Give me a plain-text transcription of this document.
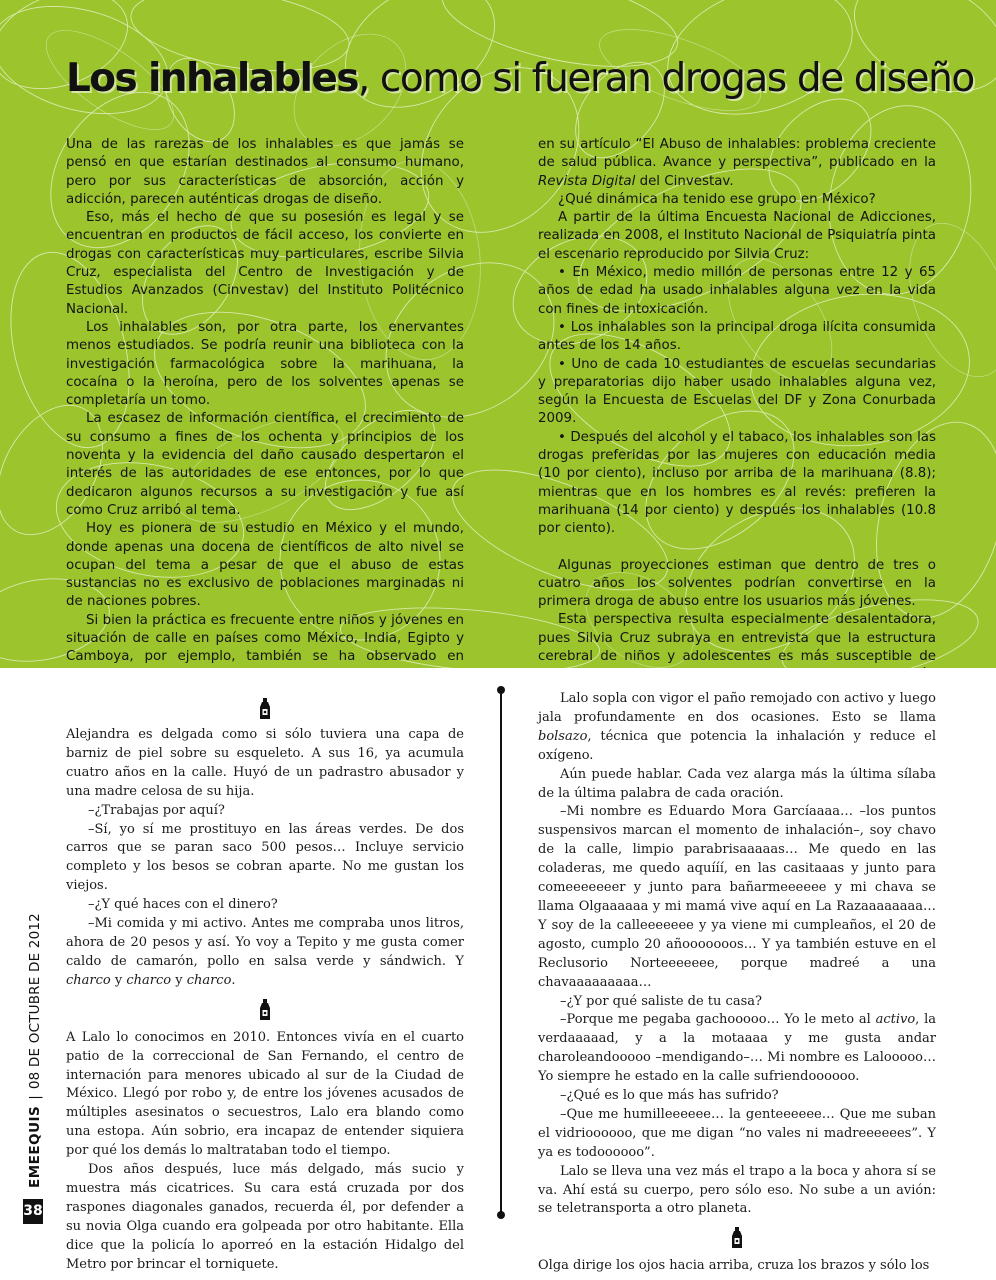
Los inhalables, como si fueran drogas de diseño

Una de las rarezas de los inhalables es que jamás se pensó en que estarían destinados al consumo humano, pero por sus características de absorción, acción y adicción, parecen auténticas drogas de diseño.

Eso, más el hecho de que su posesión es legal y se encuentran en productos de fácil acceso, los convierte en drogas con características muy particulares, escribe Silvia Cruz, especialista del Centro de Investigación y de Estudios Avanzados (Cinvestav) del Instituto Politécnico Nacional.

Los inhalables son, por otra parte, los enervantes menos estudiados. Se podría reunir una biblioteca con la investigación farmacológica sobre la marihuana, la cocaína o la heroína, pero de los solventes apenas se completaría un tomo.

La escasez de información científica, el crecimiento de su consumo a fines de los ochenta y principios de los noventa y la evidencia del daño causado despertaron el interés de las autoridades de ese entonces, por lo que dedicaron algunos recursos a su investigación y fue así como Cruz arribó al tema.

Hoy es pionera de su estudio en México y el mundo, donde apenas una docena de científicos de alto nivel se ocupan del tema a pesar de que el abuso de estas sustancias no es exclusivo de poblaciones marginadas ni de naciones pobres.

Si bien la práctica es frecuente entre niños y jóvenes en situación de calle en países como México, India, Egipto y Camboya, por ejemplo, también se ha observado en

en su artículo “El Abuso de inhalables: problema creciente de salud pública. Avance y perspectiva”, publicado en la Revista Digital del Cinvestav.

¿Qué dinámica ha tenido ese grupo en México?

A partir de la última Encuesta Nacional de Adicciones, realizada en 2008, el Instituto Nacional de Psiquiatría pinta el escenario reproducido por Silvia Cruz:

• En México, medio millón de personas entre 12 y 65 años de edad ha usado inhalables alguna vez en la vida con fines de intoxicación.

• Los inhalables son la principal droga ilícita consumida antes de los 14 años.

• Uno de cada 10 estudiantes de escuelas secundarias y preparatorias dijo haber usado inhalables alguna vez, según la Encuesta de Escuelas del DF y Zona Conurbada 2009.

• Después del alcohol y el tabaco, los inhalables son las drogas preferidas por las mujeres con educación media (10 por ciento), incluso por arriba de la marihuana (8.8); mientras que en los hombres es al revés: prefieren la marihuana (14 por ciento) y después los inhalables (10.8 por ciento).

Algunas proyecciones estiman que dentro de tres o cuatro años los solventes podrían convertirse en la primera droga de abuso entre los usuarios más jóvenes.

Esta perspectiva resulta especialmente desalentadora, pues Silvia Cruz subraya en entrevista que la estructura cerebral de niños y adolescentes es más susceptible de

Alejandra es delgada como si sólo tuviera una capa de barniz de piel sobre su esqueleto. A sus 16, ya acumula cuatro años en la calle. Huyó de un padrastro abusador y una madre celosa de su hija.

–¿Trabajas por aquí?

–Sí, yo sí me prostituyo en las áreas verdes. De dos carros que se paran saco 500 pesos… Incluye servicio completo y los besos se cobran aparte. No me gustan los viejos.

–¿Y qué haces con el dinero?

–Mi comida y mi activo. Antes me compraba unos litros, ahora de 20 pesos y así. Yo voy a Tepito y me gusta comer caldo de camarón, pollo en salsa verde y sándwich. Y charco y charco y charco.

A Lalo lo conocimos en 2010. Entonces vivía en el cuarto patio de la correccional de San Fernando, el centro de internación para menores ubicado al sur de la Ciudad de México. Llegó por robo y, de entre los jóvenes acusados de múltiples asesinatos o secuestros, Lalo era blando como una estopa. Aún sobrio, era incapaz de entender siquiera por qué los demás lo maltrataban todo el tiempo.

Dos años después, luce más delgado, más sucio y muestra más cicatrices. Su cara está cruzada por dos raspones diagonales ganados, recuerda él, por defender a su novia Olga cuando era golpeada por otro habitante. Ella dice que la policía lo aporreó en la estación Hidalgo del Metro por brincar el torniquete.

Lalo sopla con vigor el paño remojado con activo y luego jala profundamente en dos ocasiones. Esto se llama bolsazo, técnica que potencia la inhalación y reduce el oxígeno.

Aún puede hablar. Cada vez alarga más la última sílaba de la última palabra de cada oración.

–Mi nombre es Eduardo Mora Garcíaaaa… –los puntos suspensivos marcan el momento de inhalación–, soy chavo de la calle, limpio parabrisaaaaas… Me quedo en las coladeras, me quedo aquííí, en las casitaaas y junto para comeeeeeeer y junto para bañarmeeeeee y mi chava se llama Olgaaaaaa y mi mamá vive aquí en La Razaaaaaaaa… Y soy de la calleeeeeee y ya viene mi cumpleaños, el 20 de agosto, cumplo 20 añooooooos… Y ya también estuve en el Reclusorio Norteeeeeee, porque madreé a una chavaaaaaaaaa…

–¿Y por qué saliste de tu casa?

–Porque me pegaba gachooooo… Yo le meto al activo, la verdaaaaad, y a la motaaaa y me gusta andar charoleandooooo –mendigando–… Mi nombre es Lalooooo… Yo siempre he estado en la calle sufriendoooooo.

–¿Qué es lo que más has sufrido?

–Que me humilleeeeee… la genteeeeee… Que me suban el vidrioooooo, que me digan “no vales ni madreeeeees”. Y ya es todoooooo”.

Lalo se lleva una vez más el trapo a la boca y ahora sí se va. Ahí está su cuerpo, pero sólo eso. No sube a un avión: se teletransporta a otro planeta.

Olga dirige los ojos hacia arriba, cruza los brazos y sólo los

EMEEQUIS
|
08 DE OCTUBRE DE 2012
38
